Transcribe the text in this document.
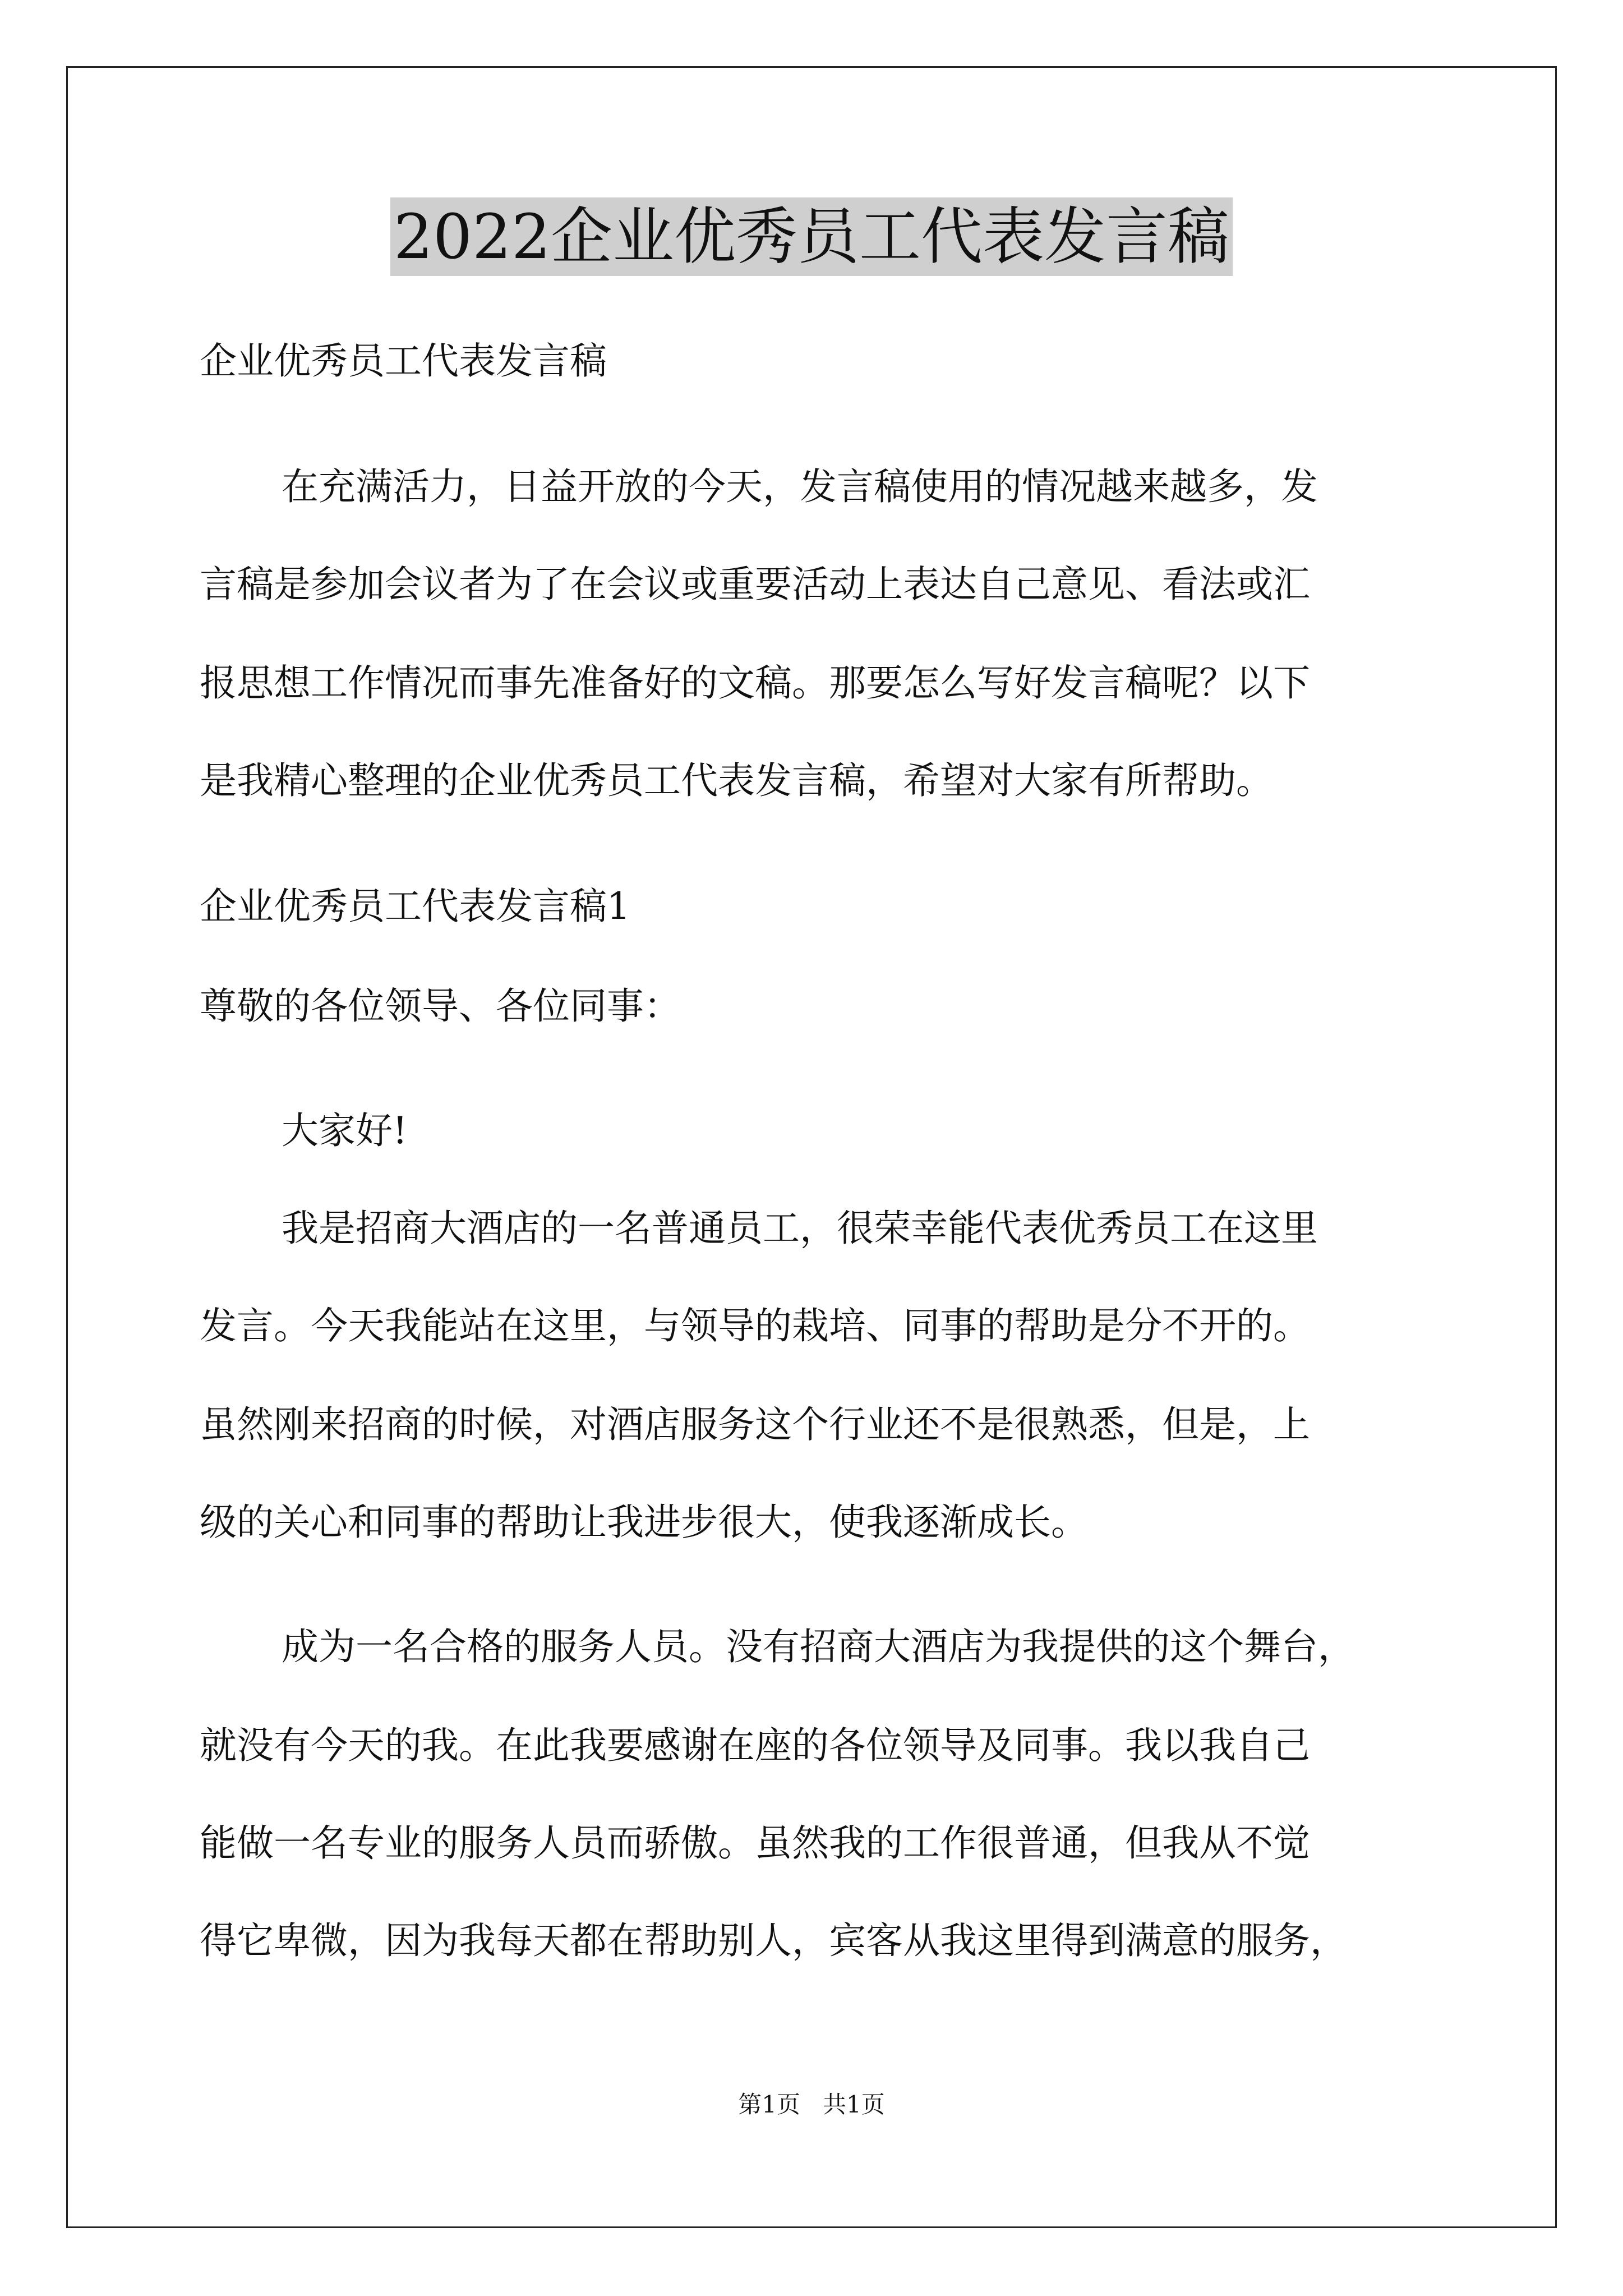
2022企业优秀员工代表发言稿
企业优秀员工代表发言稿
在充满活力，日益开放的今天，发言稿使用的情况越来越多，发
言稿是参加会议者为了在会议或重要活动上表达自己意见、看法或汇
报思想工作情况而事先准备好的文稿。那要怎么写好发言稿呢？以下
是我精心整理的企业优秀员工代表发言稿，希望对大家有所帮助。
企业优秀员工代表发言稿1
尊敬的各位领导、各位同事：
大家好!
我是招商大酒店的一名普通员工，很荣幸能代表优秀员工在这里
发言。今天我能站在这里，与领导的栽培、同事的帮助是分不开的。
虽然刚来招商的时候，对酒店服务这个行业还不是很熟悉，但是，上
级的关心和同事的帮助让我进步很大，使我逐渐成长。
成为一名合格的服务人员。没有招商大酒店为我提供的这个舞台，
就没有今天的我。在此我要感谢在座的各位领导及同事。我以我自己
能做一名专业的服务人员而骄傲。虽然我的工作很普通，但我从不觉
得它卑微，因为我每天都在帮助别人，宾客从我这里得到满意的服务，
第1页   共1页
